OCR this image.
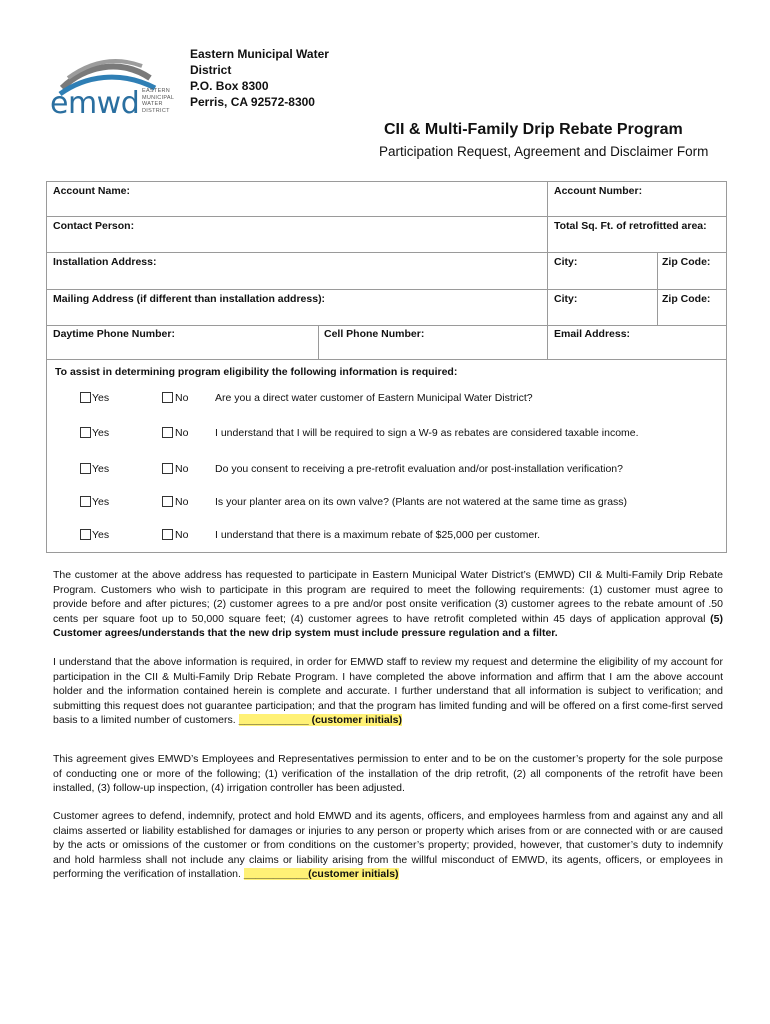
emwd EASTERN
MUNICIPAL
WATER
DISTRICT
Eastern Municipal Water
District
P.O. Box 8300
Perris, CA 92572-8300
CII & Multi-Family Drip Rebate Program
Participation Request, Agreement and Disclaimer Form
Account Name:	Account Number:
Contact Person:	Total Sq. Ft. of retrofitted area:
Installation Address:	City:	Zip Code:
Mailing Address (if different than installation address):	City:	Zip Code:
Daytime Phone Number:	Cell Phone Number:	Email Address:
To assist in determining program eligibility the following information is required:
Yes	No	Are you a direct water customer of Eastern Municipal Water District?
Yes	No	I understand that I will be required to sign a W-9 as rebates are considered taxable income.
Yes	No	Do you consent to receiving a pre-retrofit evaluation and/or post-installation verification?
Yes	No	Is your planter area on its own valve? (Plants are not watered at the same time as grass)
Yes	No	I understand that there is a maximum rebate of $25,000 per customer.
The customer at the above address has requested to participate in Eastern Municipal Water District’s (EMWD) CII & Multi-Family Drip Rebate Program. Customers who wish to participate in this program are required to meet the following requirements: (1) customer must agree to provide before and after pictures; (2) customer agrees to a pre and/or post onsite verification (3) customer agrees to the rebate amount of .50 cents per square foot up to 50,000 square feet; (4) customer agrees to have retrofit completed within 45 days of application approval (5) Customer agrees/understands that the new drip system must include pressure regulation and a filter.
I understand that the above information is required, in order for EMWD staff to review my request and determine the eligibility of my account for participation in the CII & Multi-Family Drip Rebate Program. I have completed the above information and affirm that I am the above account holder and the information contained herein is complete and accurate. I further understand that all information is subject to verification; and submitting this request does not guarantee participation; and that the program has limited funding and will be offered on a first come-first served basis to a limited number of customers. ____________ (customer initials)
This agreement gives EMWD’s Employees and Representatives permission to enter and to be on the customer’s property for the sole purpose of conducting one or more of the following; (1) verification of the installation of the drip retrofit, (2) all components of the retrofit have been installed, (3) follow-up inspection, (4) irrigation controller has been adjusted.
Customer agrees to defend, indemnify, protect and hold EMWD and its agents, officers, and employees harmless from and against any and all claims asserted or liability established for damages or injuries to any person or property which arises from or are connected with or are caused by the acts or omissions of the customer or from conditions on the customer’s property; provided, however, that customer’s duty to indemnify and hold harmless shall not include any claims or liability arising from the willful misconduct of EMWD, its agents, officers, or employees in performing the verification of installation. ___________(customer initials)
